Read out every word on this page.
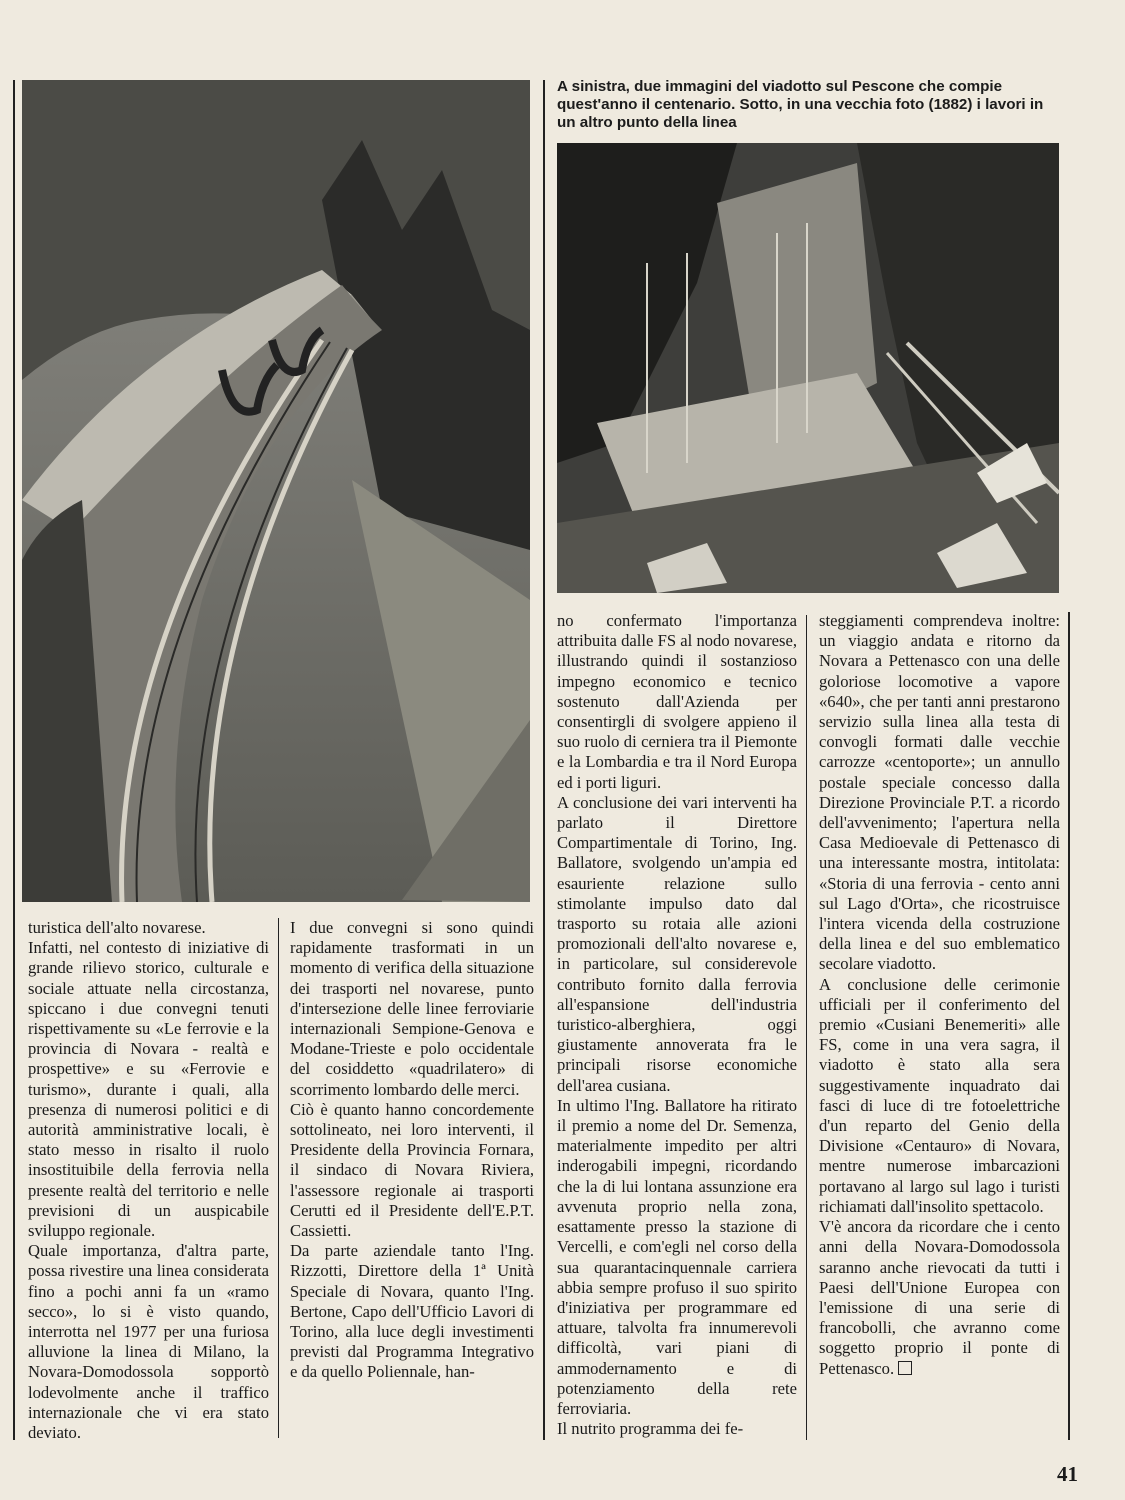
A sinistra, due immagini del viadotto sul Pescone che compie quest'anno il centenario. Sotto, in una vecchia foto (1882) i lavori in un altro punto della linea

turistica dell'alto novarese.

Infatti, nel contesto di iniziative di grande rilievo storico, culturale e sociale attuate nella circostanza, spiccano i due convegni tenuti rispettivamente su «Le ferrovie e la provincia di Novara - realtà e prospettive» e su «Ferrovie e turismo», durante i quali, alla presenza di numerosi politici e di autorità amministrative locali, è stato messo in risalto il ruolo insostituibile della ferrovia nella presente realtà del territorio e nelle previsioni di un auspicabile sviluppo regionale.

Quale importanza, d'altra parte, possa rivestire una linea considerata fino a pochi anni fa un «ramo secco», lo si è visto quando, interrotta nel 1977 per una furiosa alluvione la linea di Milano, la Novara-Domodossola sopportò lodevolmente anche il traffico internazionale che vi era stato deviato.

I due convegni si sono quindi rapidamente trasformati in un momento di verifica della situazione dei trasporti nel novarese, punto d'intersezione delle linee ferroviarie internazionali Sempione-Genova e Modane-Trieste e polo occidentale del cosiddetto «quadrilatero» di scorrimento lombardo delle merci.

Ciò è quanto hanno concordemente sottolineato, nei loro interventi, il Presidente della Provincia Fornara, il sindaco di Novara Riviera, l'assessore regionale ai trasporti Cerutti ed il Presidente dell'E.P.T. Cassietti.

Da parte aziendale tanto l'Ing. Rizzotti, Direttore della 1ª Unità Speciale di Novara, quanto l'Ing. Bertone, Capo dell'Ufficio Lavori di Torino, alla luce degli investimenti previsti dal Programma Integrativo e da quello Poliennale, han-

no confermato l'importanza attribuita dalle FS al nodo novarese, illustrando quindi il sostanzioso impegno economico e tecnico sostenuto dall'Azienda per consentirgli di svolgere appieno il suo ruolo di cerniera tra il Piemonte e la Lombardia e tra il Nord Europa ed i porti liguri.

A conclusione dei vari interventi ha parlato il Direttore Compartimentale di Torino, Ing. Ballatore, svolgendo un'ampia ed esauriente relazione sullo stimolante impulso dato dal trasporto su rotaia alle azioni promozionali dell'alto novarese e, in particolare, sul considerevole contributo fornito dalla ferrovia all'espansione dell'industria turistico-alberghiera, oggi giustamente annoverata fra le principali risorse economiche dell'area cusiana.

In ultimo l'Ing. Ballatore ha ritirato il premio a nome del Dr. Semenza, materialmente impedito per altri inderogabili impegni, ricordando che la di lui lontana assunzione era avvenuta proprio nella zona, esattamente presso la stazione di Vercelli, e com'egli nel corso della sua quarantacinquennale carriera abbia sempre profuso il suo spirito d'iniziativa per programmare ed attuare, talvolta fra innumerevoli difficoltà, vari piani di ammodernamento e di potenziamento della rete ferroviaria.

Il nutrito programma dei fe-

steggiamenti comprendeva inoltre: un viaggio andata e ritorno da Novara a Pettenasco con una delle goloriose locomotive a vapore «640», che per tanti anni prestarono servizio sulla linea alla testa di convogli formati dalle vecchie carrozze «centoporte»; un annullo postale speciale concesso dalla Direzione Provinciale P.T. a ricordo dell'avvenimento; l'apertura nella Casa Medioevale di Pettenasco di una interessante mostra, intitolata: «Storia di una ferrovia - cento anni sul Lago d'Orta», che ricostruisce l'intera vicenda della costruzione della linea e del suo emblematico secolare viadotto.

A conclusione delle cerimonie ufficiali per il conferimento del premio «Cusiani Benemeriti» alle FS, come in una vera sagra, il viadotto è stato alla sera suggestivamente inquadrato dai fasci di luce di tre fotoelettriche d'un reparto del Genio della Divisione «Centauro» di Novara, mentre numerose imbarcazioni portavano al largo sul lago i turisti richiamati dall'insolito spettacolo.

V'è ancora da ricordare che i cento anni della Novara-Domodossola saranno anche rievocati da tutti i Paesi dell'Unione Europea con l'emissione di una serie di francobolli, che avranno come soggetto proprio il ponte di Pettenasco.

41
